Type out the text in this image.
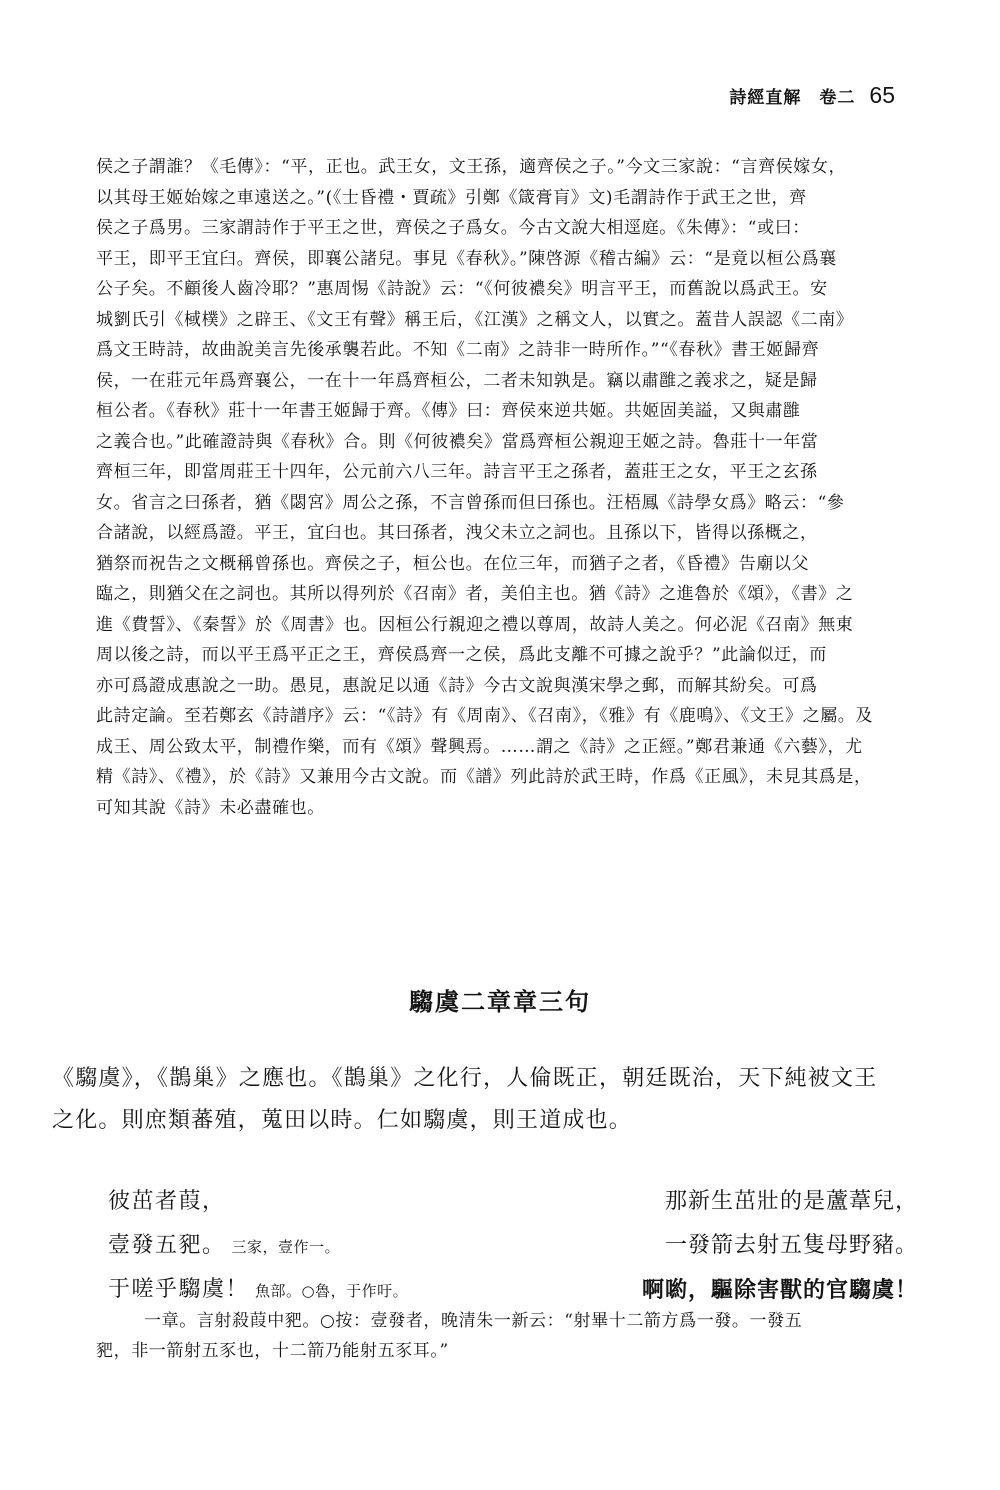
詩經直解　卷二 65
侯之子謂誰？《毛傳》：“平，正也。武王女，文王孫，適齊侯之子。”今文三家說：“言齊侯嫁女，
以其母王姬始嫁之車遠送之。”(《士昏禮・賈疏》引鄭《箴膏肓》文)毛謂詩作于武王之世，齊
侯之子爲男。三家謂詩作于平王之世，齊侯之子爲女。今古文說大相逕庭。《朱傳》：“或曰：
平王，即平王宜臼。齊侯，即襄公諸兒。事見《春秋》。”陳啓源《稽古編》云：“是竟以桓公爲襄
公子矣。不顧後人齒冷耶？”惠周惕《詩說》云：“《何彼襛矣》明言平王，而舊說以爲武王。安
城劉氏引《棫樸》之辟王、《文王有聲》稱王后，《江漢》之稱文人，以實之。蓋昔人誤認《二南》
爲文王時詩，故曲說美言先後承襲若此。不知《二南》之詩非一時所作。”“《春秋》書王姬歸齊
侯，一在莊元年爲齊襄公，一在十一年爲齊桓公，二者未知孰是。竊以肅雝之義求之，疑是歸
桓公者。《春秋》莊十一年書王姬歸于齊。《傳》曰：齊侯來逆共姬。共姬固美謚，又與肅雝
之義合也。”此確證詩與《春秋》合。則《何彼襛矣》當爲齊桓公親迎王姬之詩。魯莊十一年當
齊桓三年，即當周莊王十四年，公元前六八三年。詩言平王之孫者，蓋莊王之女，平王之玄孫
女。省言之曰孫者，猶《閟宮》周公之孫，不言曾孫而但曰孫也。汪梧鳳《詩學女爲》略云：“參
合諸說，以經爲證。平王，宜臼也。其曰孫者，洩父未立之詞也。且孫以下，皆得以孫概之，
猶祭而祝告之文概稱曾孫也。齊侯之子，桓公也。在位三年，而猶子之者，《昏禮》告廟以父
臨之，則猶父在之詞也。其所以得列於《召南》者，美伯主也。猶《詩》之進魯於《頌》，《書》之
進《費誓》、《秦誓》於《周書》也。因桓公行親迎之禮以尊周，故詩人美之。何必泥《召南》無東
周以後之詩，而以平王爲平正之王，齊侯爲齊一之侯，爲此支離不可據之說乎？”此論似迂，而
亦可爲證成惠說之一助。愚見，惠說足以通《詩》今古文說與漢宋學之郵，而解其紛矣。可爲
此詩定論。至若鄭玄《詩譜序》云：“《詩》有《周南》、《召南》，《雅》有《鹿鳴》、《文王》之屬。及
成王、周公致太平，制禮作樂，而有《頌》聲興焉。……謂之《詩》之正經。”鄭君兼通《六藝》，尤
精《詩》、《禮》，於《詩》又兼用今古文說。而《譜》列此詩於武王時，作爲《正風》，未見其爲是，
可知其說《詩》未必盡確也。
騶虞二章章三句
《騶虞》，《鵲巢》之應也。《鵲巢》之化行，人倫既正，朝廷既治，天下純被文王
之化。則庶類蕃殖，蒐田以時。仁如騶虞，則王道成也。
彼茁者葭，	那新生茁壯的是蘆葦兒，
壹發五豝。 三家，壹作一。	一發箭去射五隻母野豬。
于嗟乎騶虞！ 魚部。○魯，于作吁。	啊喲，驅除害獸的官騶虞！
一章。言射殺葭中豝。○按：壹發者，晚清朱一新云：“射畢十二箭方爲一發。一發五
豝，非一箭射五豕也，十二箭乃能射五豕耳。”
